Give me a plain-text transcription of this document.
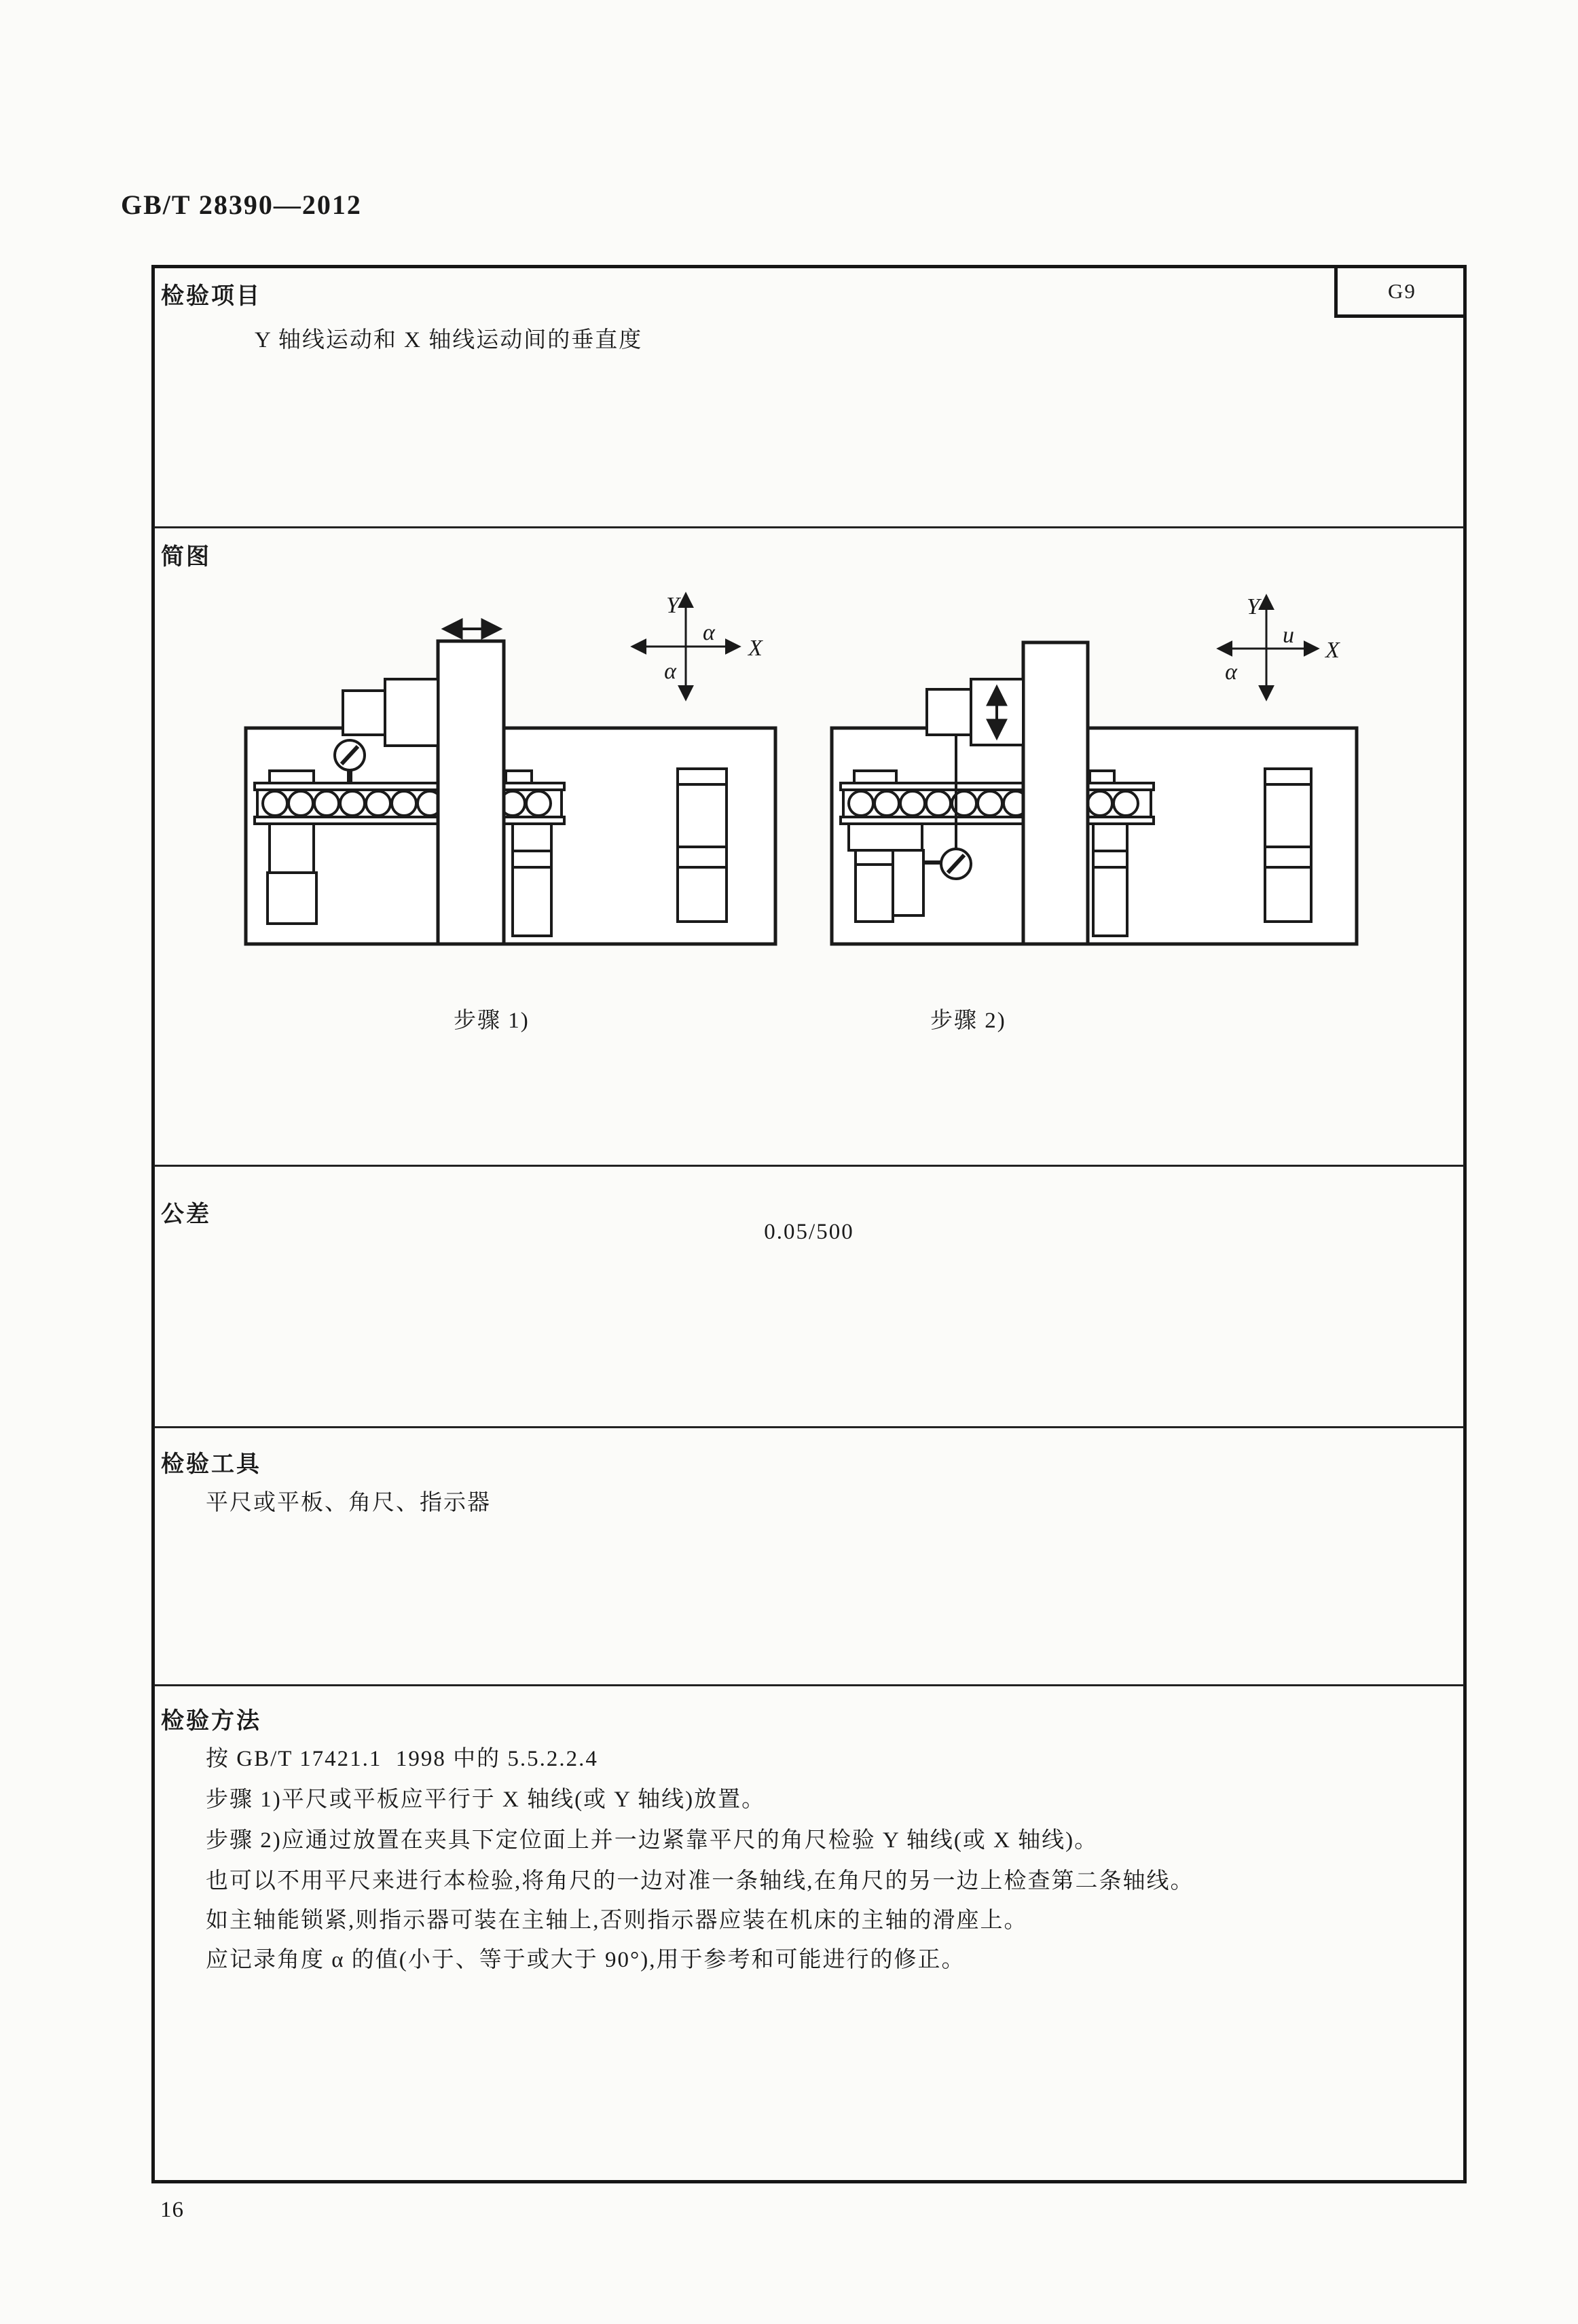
GB/T 28390—2012
G9
检验项目
Y 轴线运动和 X 轴线运动间的垂直度
简图
Y
X
α
α
Y
X
u
α
步骤 1)	步骤 2)
公差
0.05/500
检验工具
平尺或平板、角尺、指示器
检验方法
按 GB/T 17421.1  1998 中的 5.5.2.2.4
步骤 1)平尺或平板应平行于 X 轴线(或 Y 轴线)放置。
步骤 2)应通过放置在夹具下定位面上并一边紧靠平尺的角尺检验 Y 轴线(或 X 轴线)。
也可以不用平尺来进行本检验,将角尺的一边对准一条轴线,在角尺的另一边上检查第二条轴线。
如主轴能锁紧,则指示器可装在主轴上,否则指示器应装在机床的主轴的滑座上。
应记录角度 α 的值(小于、等于或大于 90°),用于参考和可能进行的修正。
16
